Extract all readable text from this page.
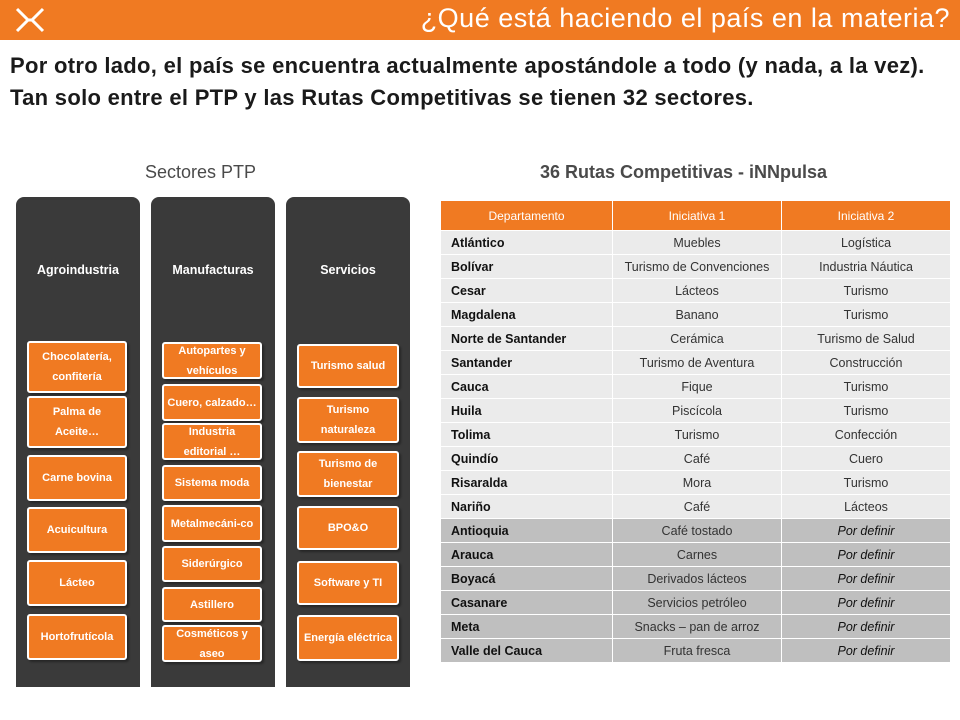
¿Qué está haciendo el país en la materia?
Por otro lado, el país se encuentra actualmente apostándole a todo (y nada, a la vez). Tan solo entre el PTP y las Rutas Competitivas se tienen 32 sectores.
Sectores PTP	36 Rutas Competitivas - iNNpulsa
Agroindustria
Chocolatería, confitería
Palma de Aceite…
Carne bovina
Acuicultura
Lácteo
Hortofrutícola
Manufacturas
Autopartes y vehículos
Cuero, calzado…
Industria editorial …
Sistema moda
Metalmecáni-co
Siderúrgico
Astillero
Cosméticos y aseo
Servicios
Turismo salud
Turismo naturaleza
Turismo de bienestar
BPO&O
Software y TI
Energía eléctrica
Departamento	Iniciativa 1	Iniciativa 2
Atlántico	Muebles	Logística
Bolívar	Turismo de Convenciones	Industria Náutica
Cesar	Lácteos	Turismo
Magdalena	Banano	Turismo
Norte de Santander	Cerámica	Turismo de Salud
Santander	Turismo de Aventura	Construcción
Cauca	Fique	Turismo
Huila	Piscícola	Turismo
Tolima	Turismo	Confección
Quindío	Café	Cuero
Risaralda	Mora	Turismo
Nariño	Café	Lácteos
Antioquia	Café tostado	Por definir
Arauca	Carnes	Por definir
Boyacá	Derivados lácteos	Por definir
Casanare	Servicios petróleo	Por definir
Meta	Snacks – pan de arroz	Por definir
Valle del Cauca	Fruta fresca	Por definir
